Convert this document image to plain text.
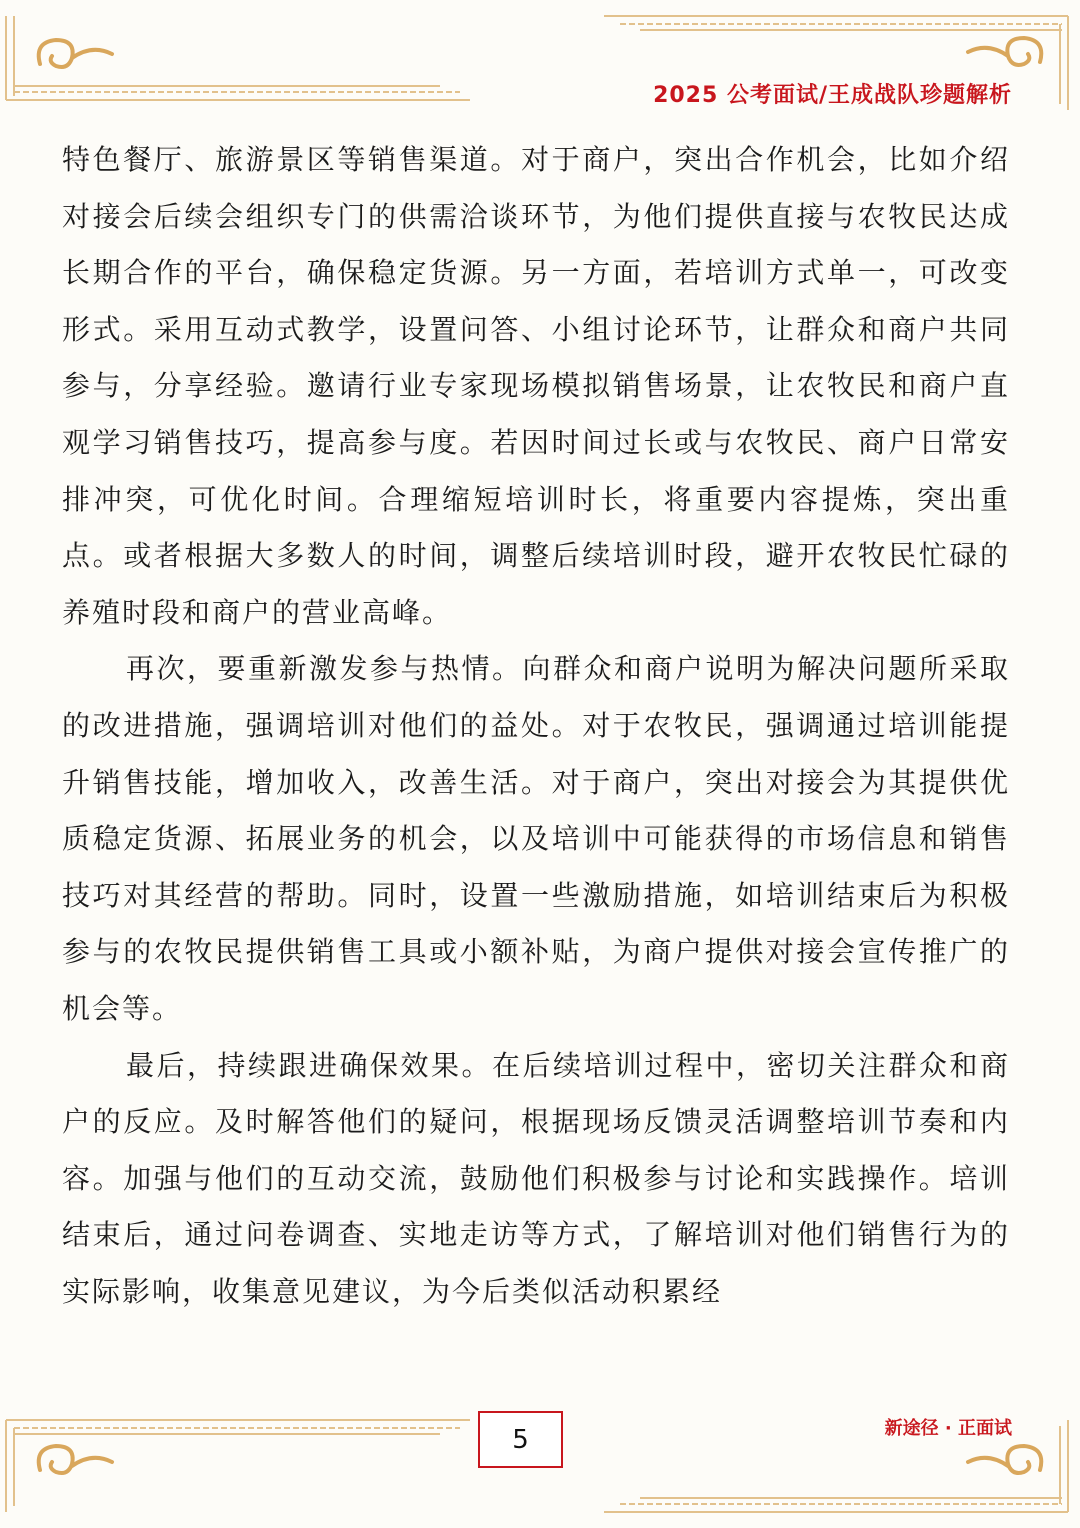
2025 公考面试/王成战队珍题解析

特色餐厅、旅游景区等销售渠道。对于商户，突出合作机会，比如介绍对接会后续会组织专门的供需洽谈环节，为他们提供直接与农牧民达成长期合作的平台，确保稳定货源。另一方面，若培训方式单一，可改变形式。采用互动式教学，设置问答、小组讨论环节，让群众和商户共同参与，分享经验。邀请行业专家现场模拟销售场景，让农牧民和商户直观学习销售技巧，提高参与度。若因时间过长或与农牧民、商户日常安排冲突，可优化时间。合理缩短培训时长，将重要内容提炼，突出重点。或者根据大多数人的时间，调整后续培训时段，避开农牧民忙碌的养殖时段和商户的营业高峰。

再次，要重新激发参与热情。向群众和商户说明为解决问题所采取的改进措施，强调培训对他们的益处。对于农牧民，强调通过培训能提升销售技能，增加收入，改善生活。对于商户，突出对接会为其提供优质稳定货源、拓展业务的机会，以及培训中可能获得的市场信息和销售技巧对其经营的帮助。同时，设置一些激励措施，如培训结束后为积极参与的农牧民提供销售工具或小额补贴，为商户提供对接会宣传推广的机会等。

最后，持续跟进确保效果。在后续培训过程中，密切关注群众和商户的反应。及时解答他们的疑问，根据现场反馈灵活调整培训节奏和内容。加强与他们的互动交流，鼓励他们积极参与讨论和实践操作。培训结束后，通过问卷调查、实地走访等方式，了解培训对他们销售行为的实际影响，收集意见建议，为今后类似活动积累经

5	新途径 · 正面试
